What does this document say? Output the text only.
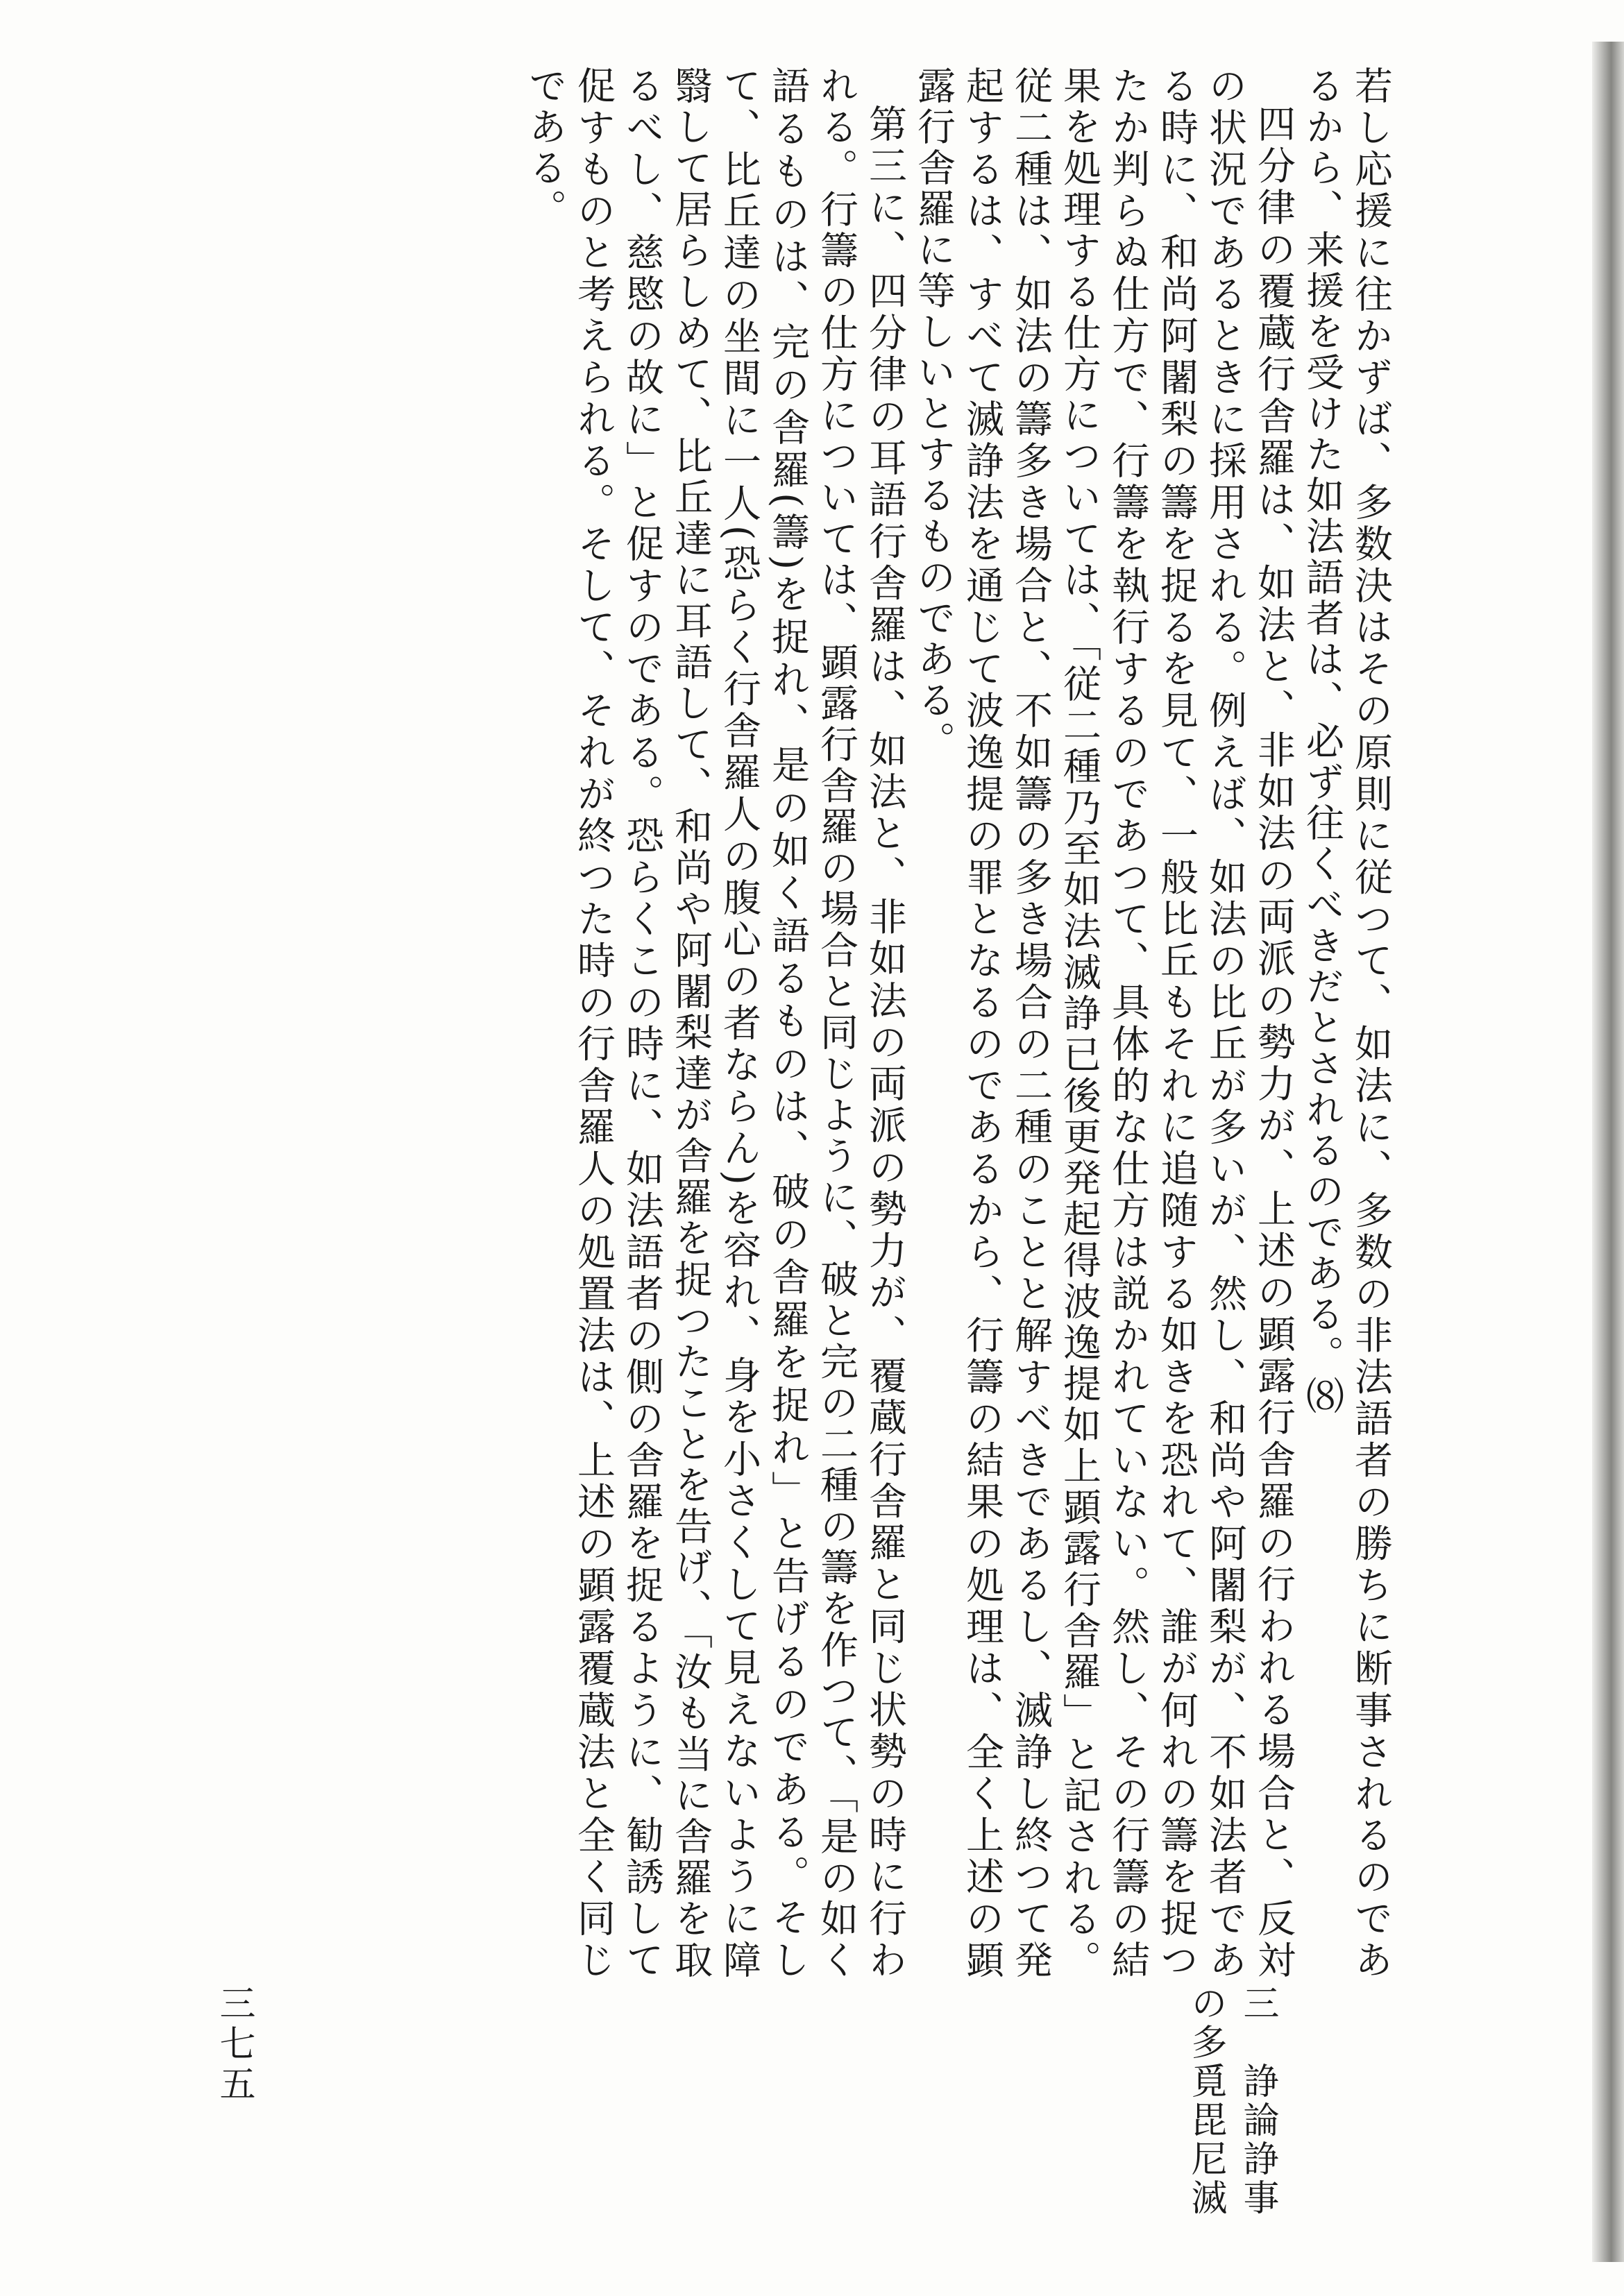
若し応援に往かずば、多数決はその原則に従つて、如法に、多数の非法語者の勝ちに断事されるのであるから、来援を受けた如法語者は、必ず往くべきだとされるのである。⑻

四分律の覆蔵行舎羅は、如法と、非如法の両派の勢力が、上述の顕露行舎羅の行われる場合と、反対の状況であるときに採用される。例えば、如法の比丘が多いが、然し、和尚や阿闍梨が、不如法者である時に、和尚阿闍梨の籌を捉るを見て、一般比丘もそれに追随する如きを恐れて、誰が何れの籌を捉つたか判らぬ仕方で、行籌を執行するのであつて、具体的な仕方は説かれていない。然し、その行籌の結果を処理する仕方については、「従二種乃至如法滅諍已後更発起得波逸提如上顕露行舎羅」と記される。従二種は、如法の籌多き場合と、不如籌の多き場合の二種のことと解すべきであるし、滅諍し終つて発起するは、すべて滅諍法を通じて波逸提の罪となるのであるから、行籌の結果の処理は、全く上述の顕露行舎羅に等しいとするものである。

第三に、四分律の耳語行舎羅は、如法と、非如法の両派の勢力が、覆蔵行舎羅と同じ状勢の時に行われる。行籌の仕方については、顕露行舎羅の場合と同じように、破と完の二種の籌を作つて、「是の如く語るものは、完の舎羅(籌)を捉れ、是の如く語るものは、破の舎羅を捉れ」と告げるのである。そして、比丘達の坐間に一人(恐らく行舎羅人の腹心の者ならん)を容れ、身を小さくして見えないように障翳して居らしめて、比丘達に耳語して、和尚や阿闍梨達が舎羅を捉つたことを告げ、「汝も当に舎羅を取るべし、慈愍の故に」と促すのである。恐らくこの時に、如法語者の側の舎羅を捉るように、勧誘して促すものと考えられる。そして、それが終つた時の行舎羅人の処置法は、上述の顕露覆蔵法と全く同じである。

三　諍論諍事の多覓毘尼滅
三七五
